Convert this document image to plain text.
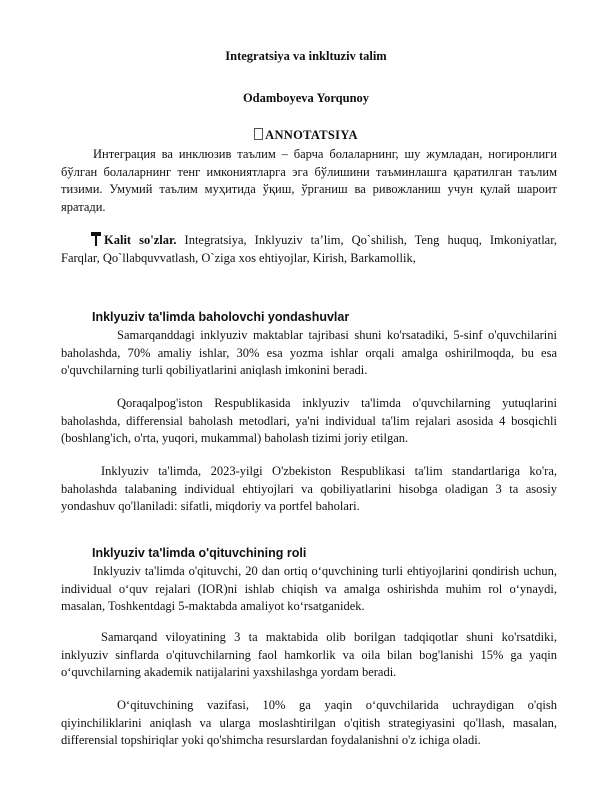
Integratsiya va inkltuziv talim
Odamboyeva Yorqunoy
ANNOTATSIYA
Интеграция ва инклюзив таълим – барча болаларнинг, шу жумладан, ногиронлиги бўлган болаларнинг тенг имкониятларга эга бўлишини таъминлашга қаратилган таълим тизими. Умумий таълим муҳитида ўқиш, ўрганиш ва ривожланиш учун қулай шароит яратади.
Kalit so'zlar. Integratsiya, Inklyuziv ta’lim, Qo`shilish, Teng huquq, Imkoniyatlar, Farqlar, Qo`llabquvvatlash, O`ziga xos ehtiyojlar, Kirish, Barkamollik,
Inklyuziv ta'limda baholovchi yondashuvlar
Samarqanddagi inklyuziv maktablar tajribasi shuni ko'rsatadiki, 5-sinf o'quvchilarini baholashda, 70% amaliy ishlar, 30% esa yozma ishlar orqali amalga oshirilmoqda, bu esa o'quvchilarning turli qobiliyatlarini aniqlash imkonini beradi.
Qoraqalpog'iston Respublikasida inklyuziv ta'limda o'quvchilarning yutuqlarini baholashda, differensial baholash metodlari, ya'ni individual ta'lim rejalari asosida 4 bosqichli (boshlang'ich, o'rta, yuqori, mukammal) baholash tizimi joriy etilgan.
Inklyuziv ta'limda, 2023-yilgi O'zbekiston Respublikasi ta'lim standartlariga ko'ra, baholashda talabaning individual ehtiyojlari va qobiliyatlarini hisobga oladigan 3 ta asosiy yondashuv qo'llaniladi: sifatli, miqdoriy va portfel baholari.
Inklyuziv ta'limda o'qituvchining roli
Inklyuziv ta'limda o'qituvchi, 20 dan ortiq o‘quvchining turli ehtiyojlarini qondirish uchun, individual o‘quv rejalari (IOR)ni ishlab chiqish va amalga oshirishda muhim rol o‘ynaydi, masalan, Toshkentdagi 5-maktabda amaliyot ko‘rsatganidek.
Samarqand viloyatining 3 ta maktabida olib borilgan tadqiqotlar shuni ko'rsatdiki, inklyuziv sinflarda o'qituvchilarning faol hamkorlik va oila bilan bog'lanishi 15% ga yaqin o‘quvchilarning akademik natijalarini yaxshilashga yordam beradi.
O‘qituvchining vazifasi, 10% ga yaqin o‘quvchilarida uchraydigan o'qish qiyinchiliklarini aniqlash va ularga moslashtirilgan o'qitish strategiyasini qo'llash, masalan, differensial topshiriqlar yoki qo'shimcha resurslardan foydalanishni o'z ichiga oladi.
